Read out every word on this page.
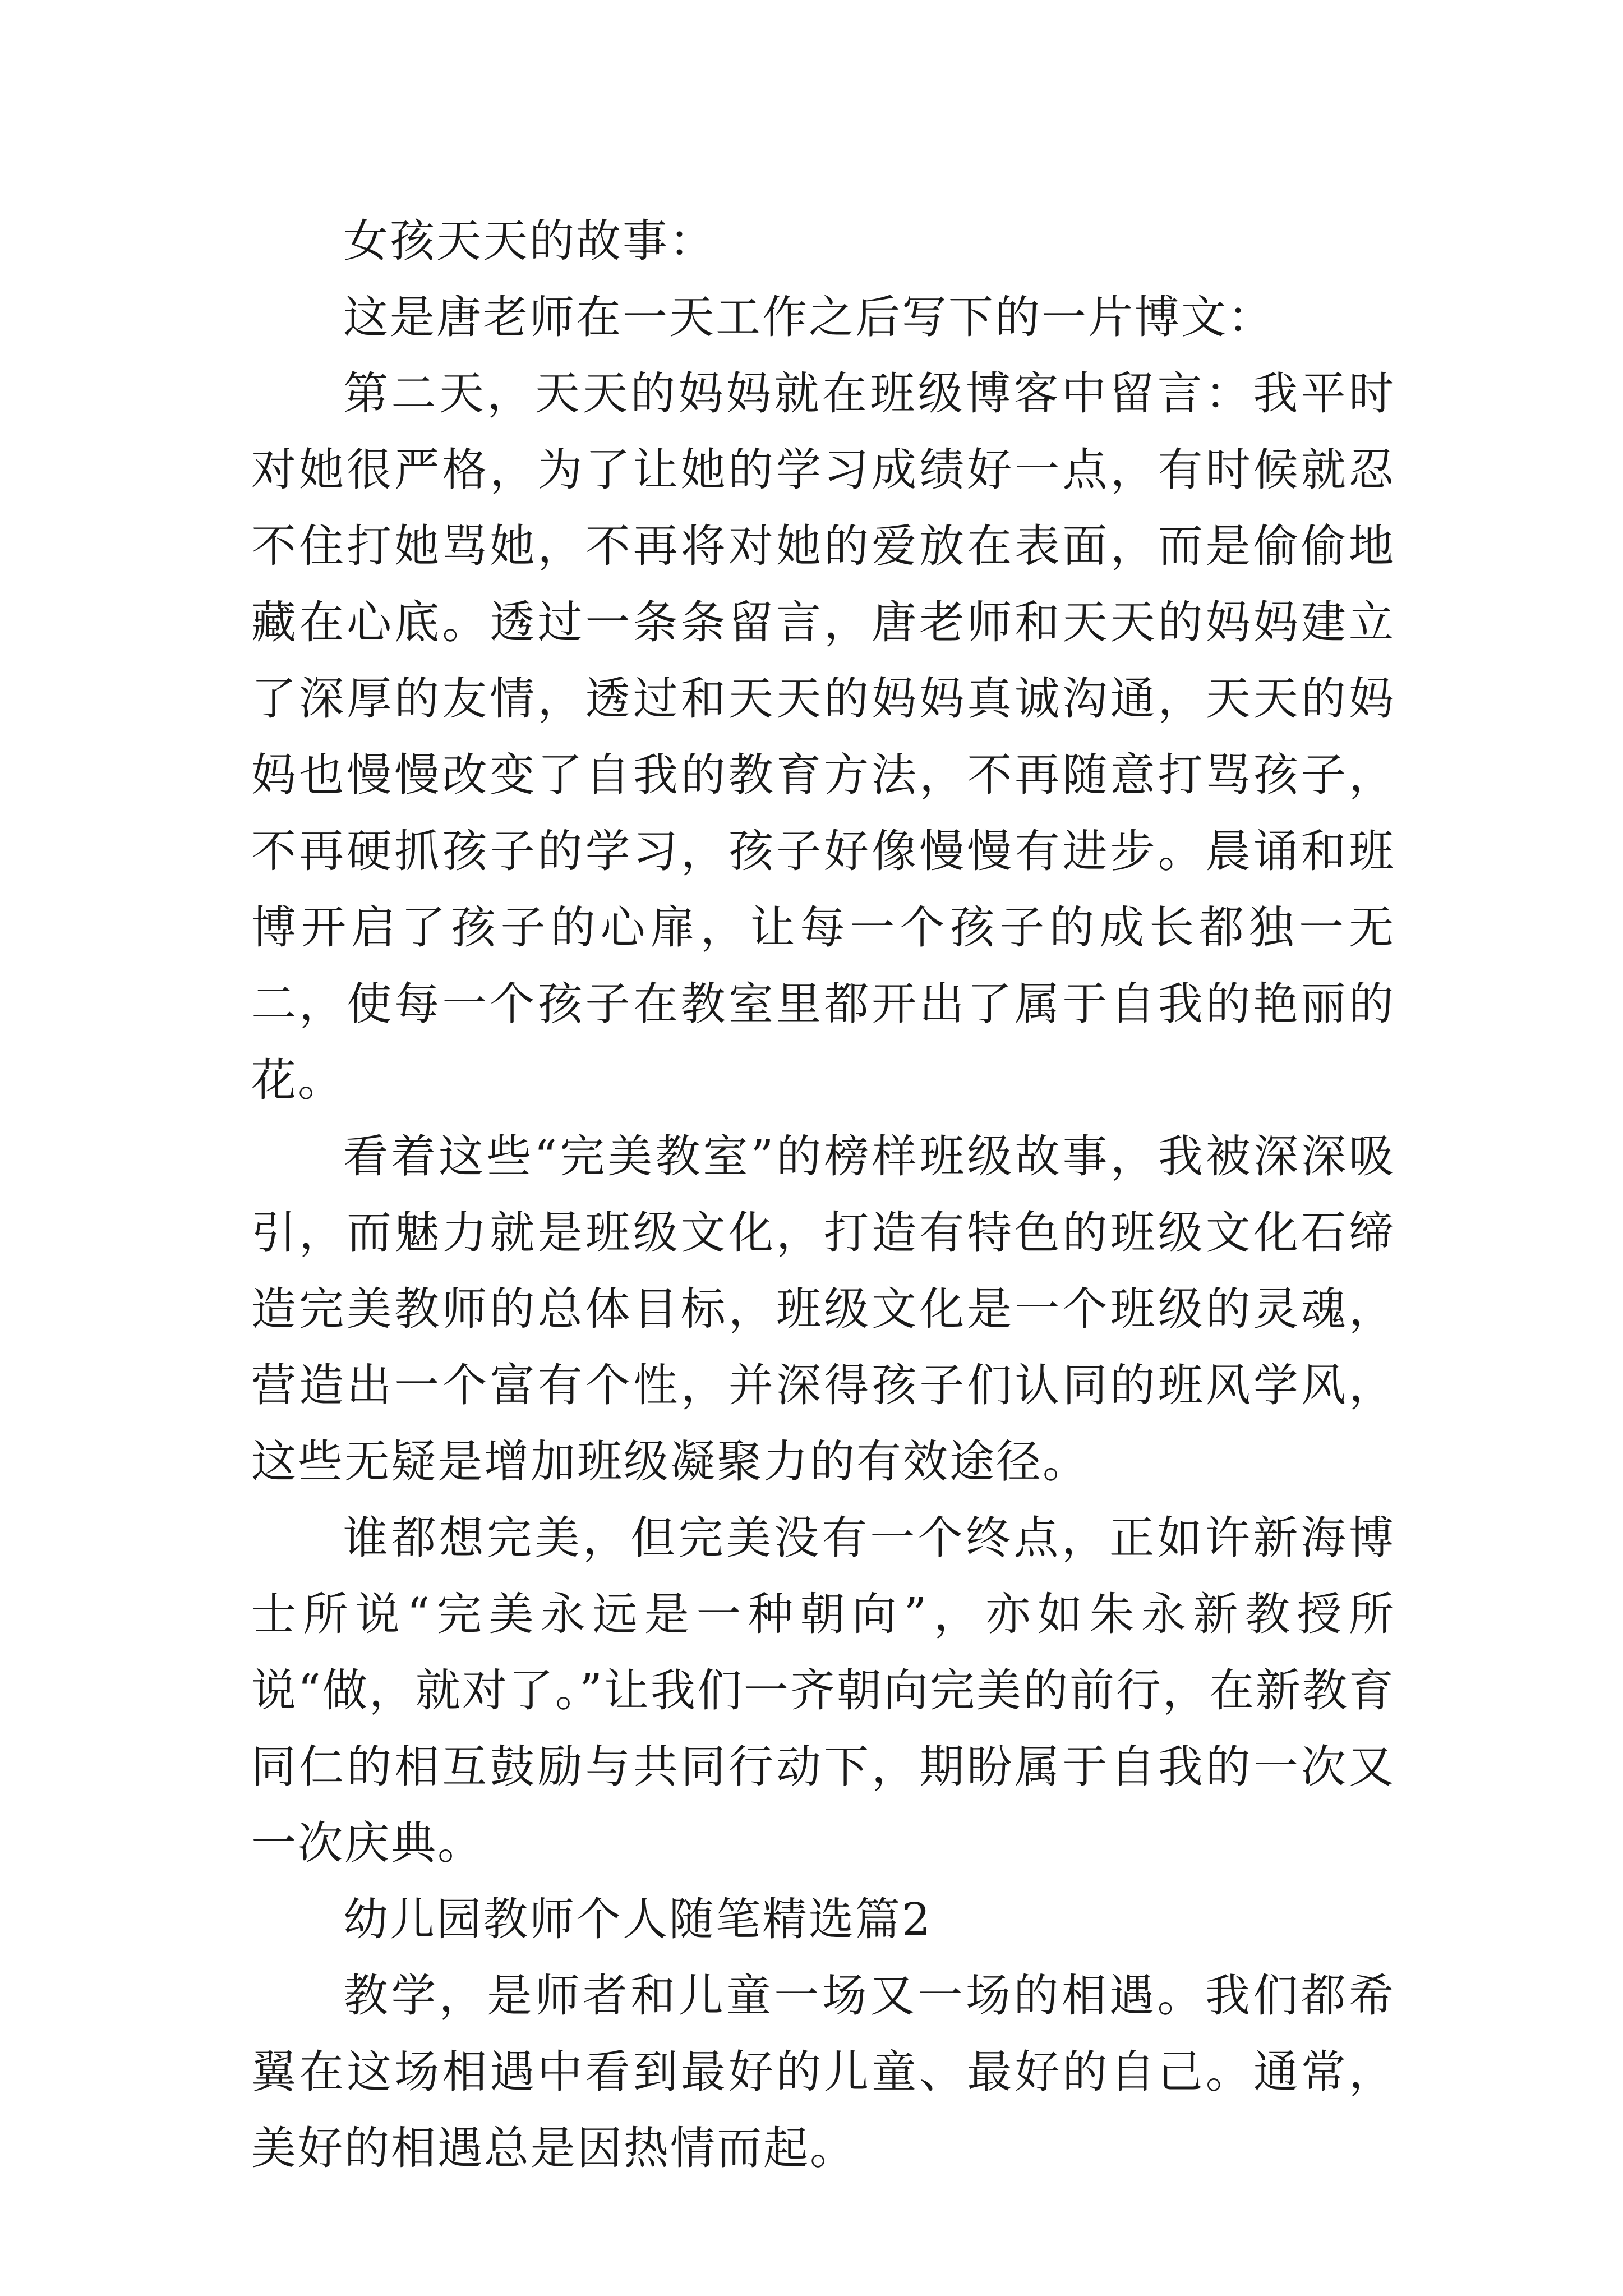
女孩天天的故事：

这是唐老师在一天工作之后写下的一片博文：

第二天，天天的妈妈就在班级博客中留言：我平时对她很严格，为了让她的学习成绩好一点，有时候就忍不住打她骂她，不再将对她的爱放在表面，而是偷偷地藏在心底。透过一条条留言，唐老师和天天的妈妈建立了深厚的友情，透过和天天的妈妈真诚沟通，天天的妈妈也慢慢改变了自我的教育方法，不再随意打骂孩子，不再硬抓孩子的学习，孩子好像慢慢有进步。晨诵和班博开启了孩子的心扉，让每一个孩子的成长都独一无二，使每一个孩子在教室里都开出了属于自我的艳丽的花。

看着这些“完美教室”的榜样班级故事，我被深深吸引，而魅力就是班级文化，打造有特色的班级文化石缔造完美教师的总体目标，班级文化是一个班级的灵魂，营造出一个富有个性，并深得孩子们认同的班风学风，这些无疑是增加班级凝聚力的有效途径。

谁都想完美，但完美没有一个终点，正如许新海博士所说“完美永远是一种朝向”，亦如朱永新教授所说“做，就对了。”让我们一齐朝向完美的前行，在新教育同仁的相互鼓励与共同行动下，期盼属于自我的一次又一次庆典。

幼儿园教师个人随笔精选篇2

教学，是师者和儿童一场又一场的相遇。我们都希翼在这场相遇中看到最好的儿童、最好的自己。通常，美好的相遇总是因热情而起。
